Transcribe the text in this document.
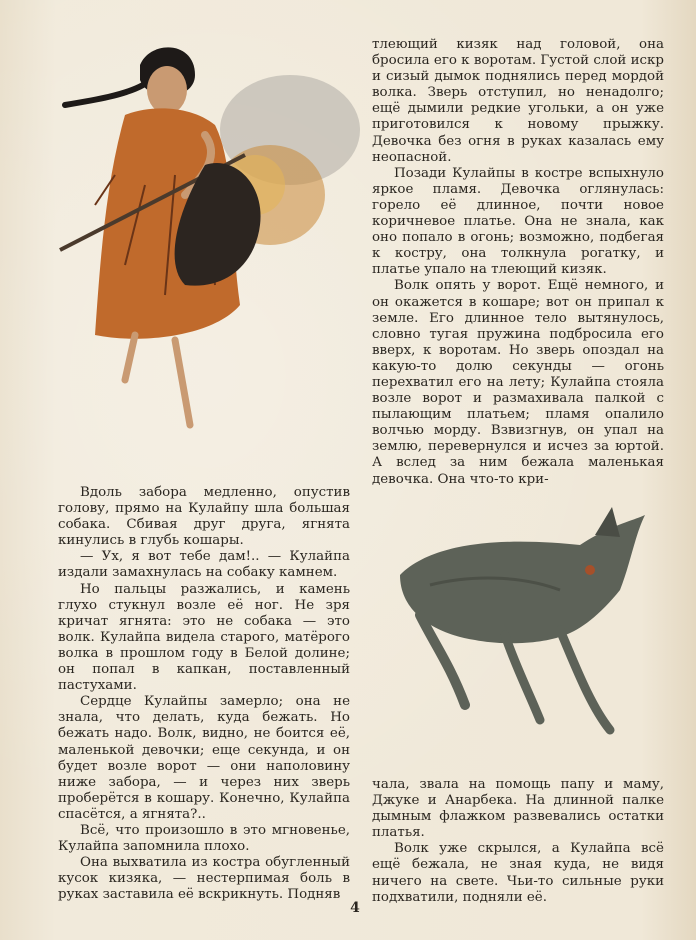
тлеющий кизяк над головой, она бросила его к воротам. Густой слой искр и сизый дымок поднялись перед мордой волка. Зверь отступил, но ненадолго; ещё дымили редкие угольки, а он уже приготовился к новому прыжку. Девочка без огня в руках казалась ему неопасной.

Позади Кулайпы в костре вспыхнуло яркое пламя. Девочка оглянулась: горело её длинное, почти новое коричневое платье. Она не знала, как оно попало в огонь; возможно, подбегая к костру, она толкнула рогатку, и платье упало на тлеющий кизяк.

Волк опять у ворот. Ещё немного, и он окажется в кошаре; вот он припал к земле. Его длинное тело вытянулось, словно тугая пружина подбросила его вверх, к воротам. Но зверь опоздал на какую-то долю секунды — огонь перехватил его на лету; Кулайпа стояла возле ворот и размахивала палкой с пылающим платьем; пламя опалило волчью морду. Взвизгнув, он упал на землю, перевернулся и исчез за юртой. А вслед за ним бежала маленькая девочка. Она что-то кри-

Вдоль забора медленно, опустив голову, прямо на Кулайпу шла большая собака. Сбивая друг друга, ягнята кинулись в глубь кошары.

— Ух, я вот тебе дам!.. — Кулайпа издали замахнулась на собаку камнем.

Но пальцы разжались, и камень глухо стукнул возле её ног. Не зря кричат ягнята: это не собака — это волк. Кулайпа видела старого, матёрого волка в прошлом году в Белой долине; он попал в капкан, поставленный пастухами.

Сердце Кулайпы замерло; она не знала, что делать, куда бежать. Но бежать надо. Волк, видно, не боится её, маленькой девочки; еще секунда, и он будет возле ворот — они наполовину ниже забора, — и через них зверь проберётся в кошару. Конечно, Кулайпа спасётся, а ягнята?..

Всё, что произошло в это мгновенье, Кулайпа запомнила плохо.

Она выхватила из костра обугленный кусок кизяка, — нестерпимая боль в руках заставила её вскрикнуть. Подняв

чала, звала на помощь папу и маму, Джуке и Анарбека. На длинной палке дымным флажком развевались остатки платья.

Волк уже скрылся, а Кулайпа всё ещё бежала, не зная куда, не видя ничего на свете. Чьи-то сильные руки подхватили, подняли её.

4
